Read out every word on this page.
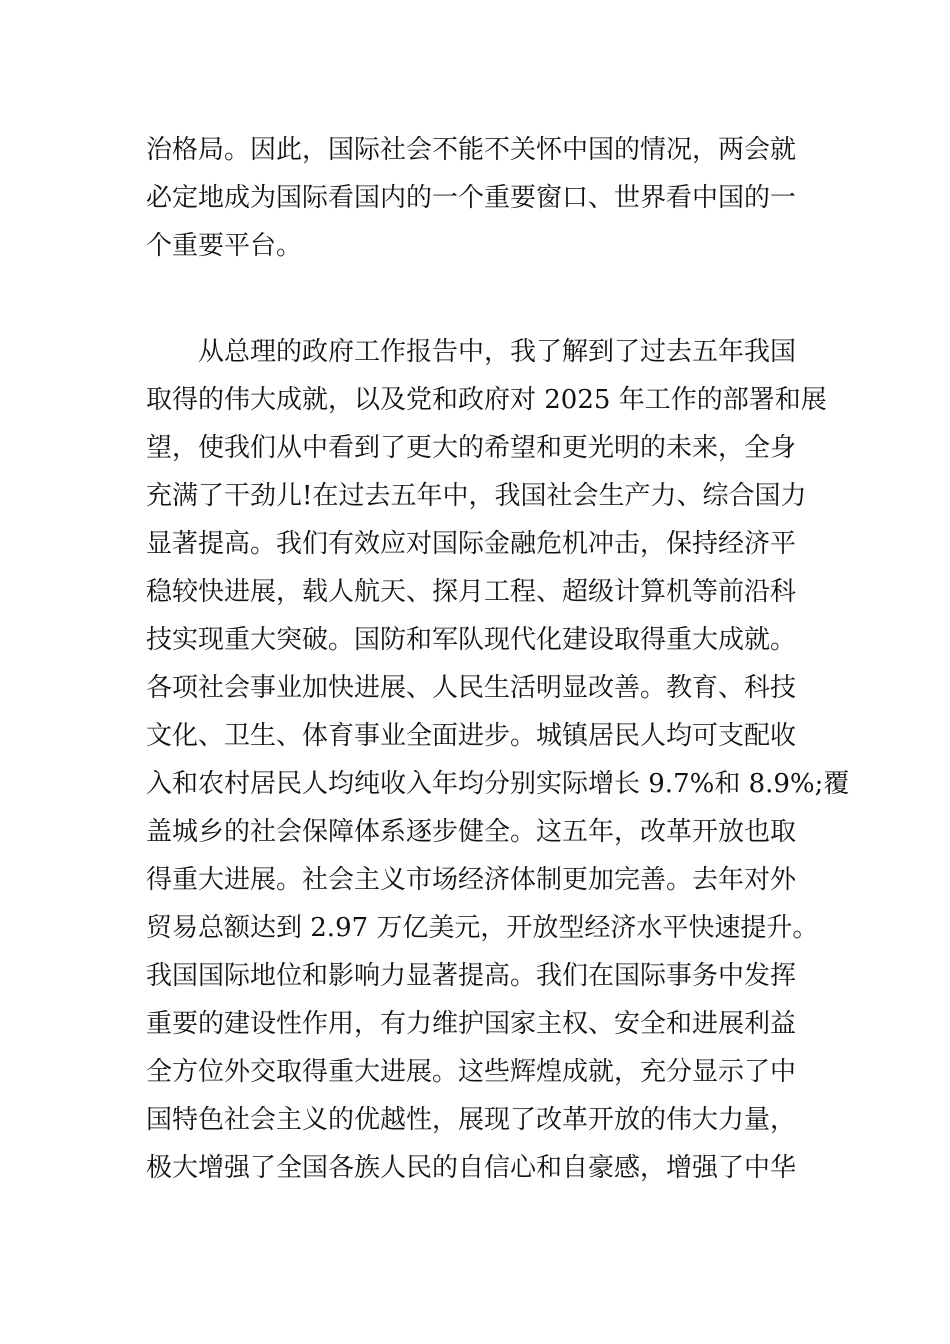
治格局。因此，国际社会不能不关怀中国的情况，两会就
必定地成为国际看国内的一个重要窗口、世界看中国的一
个重要平台。
从总理的政府工作报告中，我了解到了过去五年我国
取得的伟大成就，以及党和政府对 2025 年工作的部署和展
望，使我们从中看到了更大的希望和更光明的未来，全身
充满了干劲儿!在过去五年中，我国社会生产力、综合国力
显著提高。我们有效应对国际金融危机冲击，保持经济平
稳较快进展，载人航天、探月工程、超级计算机等前沿科
技实现重大突破。国防和军队现代化建设取得重大成就。
各项社会事业加快进展、人民生活明显改善。教育、科技
文化、卫生、体育事业全面进步。城镇居民人均可支配收
入和农村居民人均纯收入年均分别实际增长 9.7%和 8.9%;覆
盖城乡的社会保障体系逐步健全。这五年，改革开放也取
得重大进展。社会主义市场经济体制更加完善。去年对外
贸易总额达到 2.97 万亿美元，开放型经济水平快速提升。
我国国际地位和影响力显著提高。我们在国际事务中发挥
重要的建设性作用，有力维护国家主权、安全和进展利益
全方位外交取得重大进展。这些辉煌成就，充分显示了中
国特色社会主义的优越性，展现了改革开放的伟大力量，
极大增强了全国各族人民的自信心和自豪感，增强了中华
